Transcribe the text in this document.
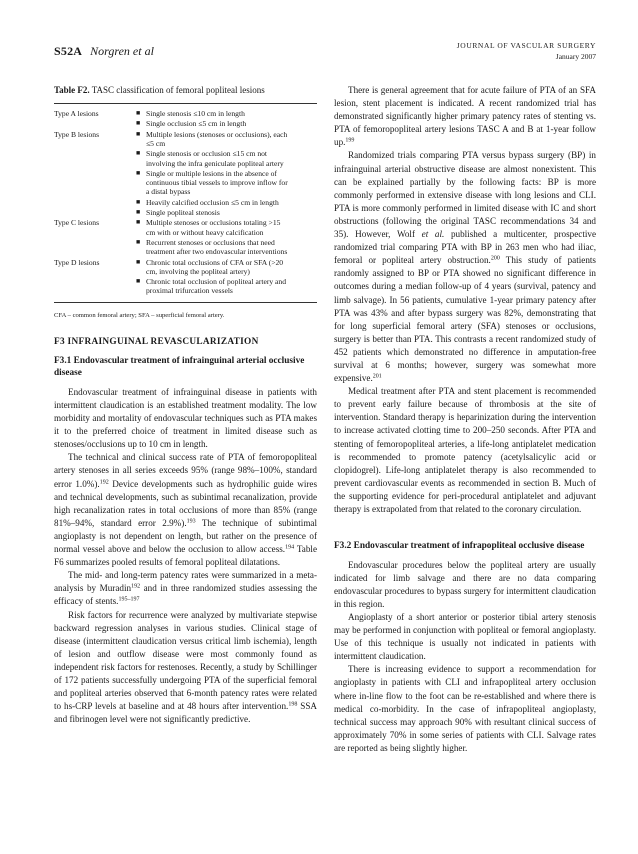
S52A Norgren et al	JOURNAL OF VASCULAR SURGERY
January 2007
Table F2. TASC classification of femoral popliteal lesions
Type A lesions	■ Single stenosis ≤10 cm in length
■ Single occlusion ≤5 cm in length
Type B lesions	■ Multiple lesions (stenoses or occlusions), each ≤5 cm
■ Single stenosis or occlusion ≤15 cm not involving the infra geniculate popliteal artery
■ Single or multiple lesions in the absence of continuous tibial vessels to improve inflow for a distal bypass
■ Heavily calcified occlusion ≤5 cm in length
■ Single popliteal stenosis
Type C lesions	■ Multiple stenoses or occlusions totaling >15 cm with or without heavy calcification
■ Recurrent stenoses or occlusions that need treatment after two endovascular interventions
Type D lesions	■ Chronic total occlusions of CFA or SFA (>20 cm, involving the popliteal artery)
■ Chronic total occlusion of popliteal artery and proximal trifurcation vessels
CFA – common femoral artery; SFA – superficial femoral artery.
F3 INFRAINGUINAL REVASCULARIZATION
F3.1 Endovascular treatment of infrainguinal arterial occlusive disease

Endovascular treatment of infrainguinal disease in patients with intermittent claudication is an established treatment modality. The low morbidity and mortality of endovascular techniques such as PTA makes it to the preferred choice of treatment in limited disease such as stenoses/occlusions up to 10 cm in length.

The technical and clinical success rate of PTA of femoropopliteal artery stenoses in all series exceeds 95% (range 98%–100%, standard error 1.0%).$^{192}$ Device developments such as hydrophilic guide wires and technical developments, such as subintimal recanalization, provide high recanalization rates in total occlusions of more than 85% (range 81%–94%, standard error 2.9%).$^{193}$ The technique of subintimal angioplasty is not dependent on length, but rather on the presence of normal vessel above and below the occlusion to allow access.$^{194}$ Table F6 summarizes pooled results of femoral popliteal dilatations.

The mid- and long-term patency rates were summarized in a meta-analysis by Muradin$^{192}$ and in three randomized studies assessing the efficacy of stents.$^{195-197}$

Risk factors for recurrence were analyzed by multivariate stepwise backward regression analyses in various studies. Clinical stage of disease (intermittent claudication versus critical limb ischemia), length of lesion and outflow disease were most commonly found as independent risk factors for restenoses. Recently, a study by Schillinger of 172 patients successfully undergoing PTA of the superficial femoral and popliteal arteries observed that 6-month patency rates were related to hs-CRP levels at baseline and at 48 hours after intervention.$^{198}$ SSA and fibrinogen level were not significantly predictive.

There is general agreement that for acute failure of PTA of an SFA lesion, stent placement is indicated. A recent randomized trial has demonstrated significantly higher primary patency rates of stenting vs. PTA of femoropopliteal artery lesions TASC A and B at 1-year follow up.$^{199}$

Randomized trials comparing PTA versus bypass surgery (BP) in infrainguinal arterial obstructive disease are almost nonexistent. This can be explained partially by the following facts: BP is more commonly performed in extensive disease with long lesions and CLI. PTA is more commonly performed in limited disease with IC and short obstructions (following the original TASC recommendations 34 and 35). However, Wolf et al. published a multicenter, prospective randomized trial comparing PTA with BP in 263 men who had iliac, femoral or popliteal artery obstruction.$^{200}$ This study of patients randomly assigned to BP or PTA showed no significant difference in outcomes during a median follow-up of 4 years (survival, patency and limb salvage). In 56 patients, cumulative 1-year primary patency after PTA was 43% and after bypass surgery was 82%, demonstrating that for long superficial femoral artery (SFA) stenoses or occlusions, surgery is better than PTA. This contrasts a recent randomized study of 452 patients which demonstrated no difference in amputation-free survival at 6 months; however, surgery was somewhat more expensive.$^{201}$

Medical treatment after PTA and stent placement is recommended to prevent early failure because of thrombosis at the site of intervention. Standard therapy is heparinization during the intervention to increase activated clotting time to 200–250 seconds. After PTA and stenting of femoropopliteal arteries, a life-long antiplatelet medication is recommended to promote patency (acetylsalicylic acid or clopidogrel). Life-long antiplatelet therapy is also recommended to prevent cardiovascular events as recommended in section B. Much of the supporting evidence for peri-procedural antiplatelet and adjuvant therapy is extrapolated from that related to the coronary circulation.

F3.2 Endovascular treatment of infrapopliteal occlusive disease

Endovascular procedures below the popliteal artery are usually indicated for limb salvage and there are no data comparing endovascular procedures to bypass surgery for intermittent claudication in this region.

Angioplasty of a short anterior or posterior tibial artery stenosis may be performed in conjunction with popliteal or femoral angioplasty. Use of this technique is usually not indicated in patients with intermittent claudication.

There is increasing evidence to support a recommendation for angioplasty in patients with CLI and infrapopliteal artery occlusion where in-line flow to the foot can be re-established and where there is medical co-morbidity. In the case of infrapopliteal angioplasty, technical success may approach 90% with resultant clinical success of approximately 70% in some series of patients with CLI. Salvage rates are reported as being slightly higher.
